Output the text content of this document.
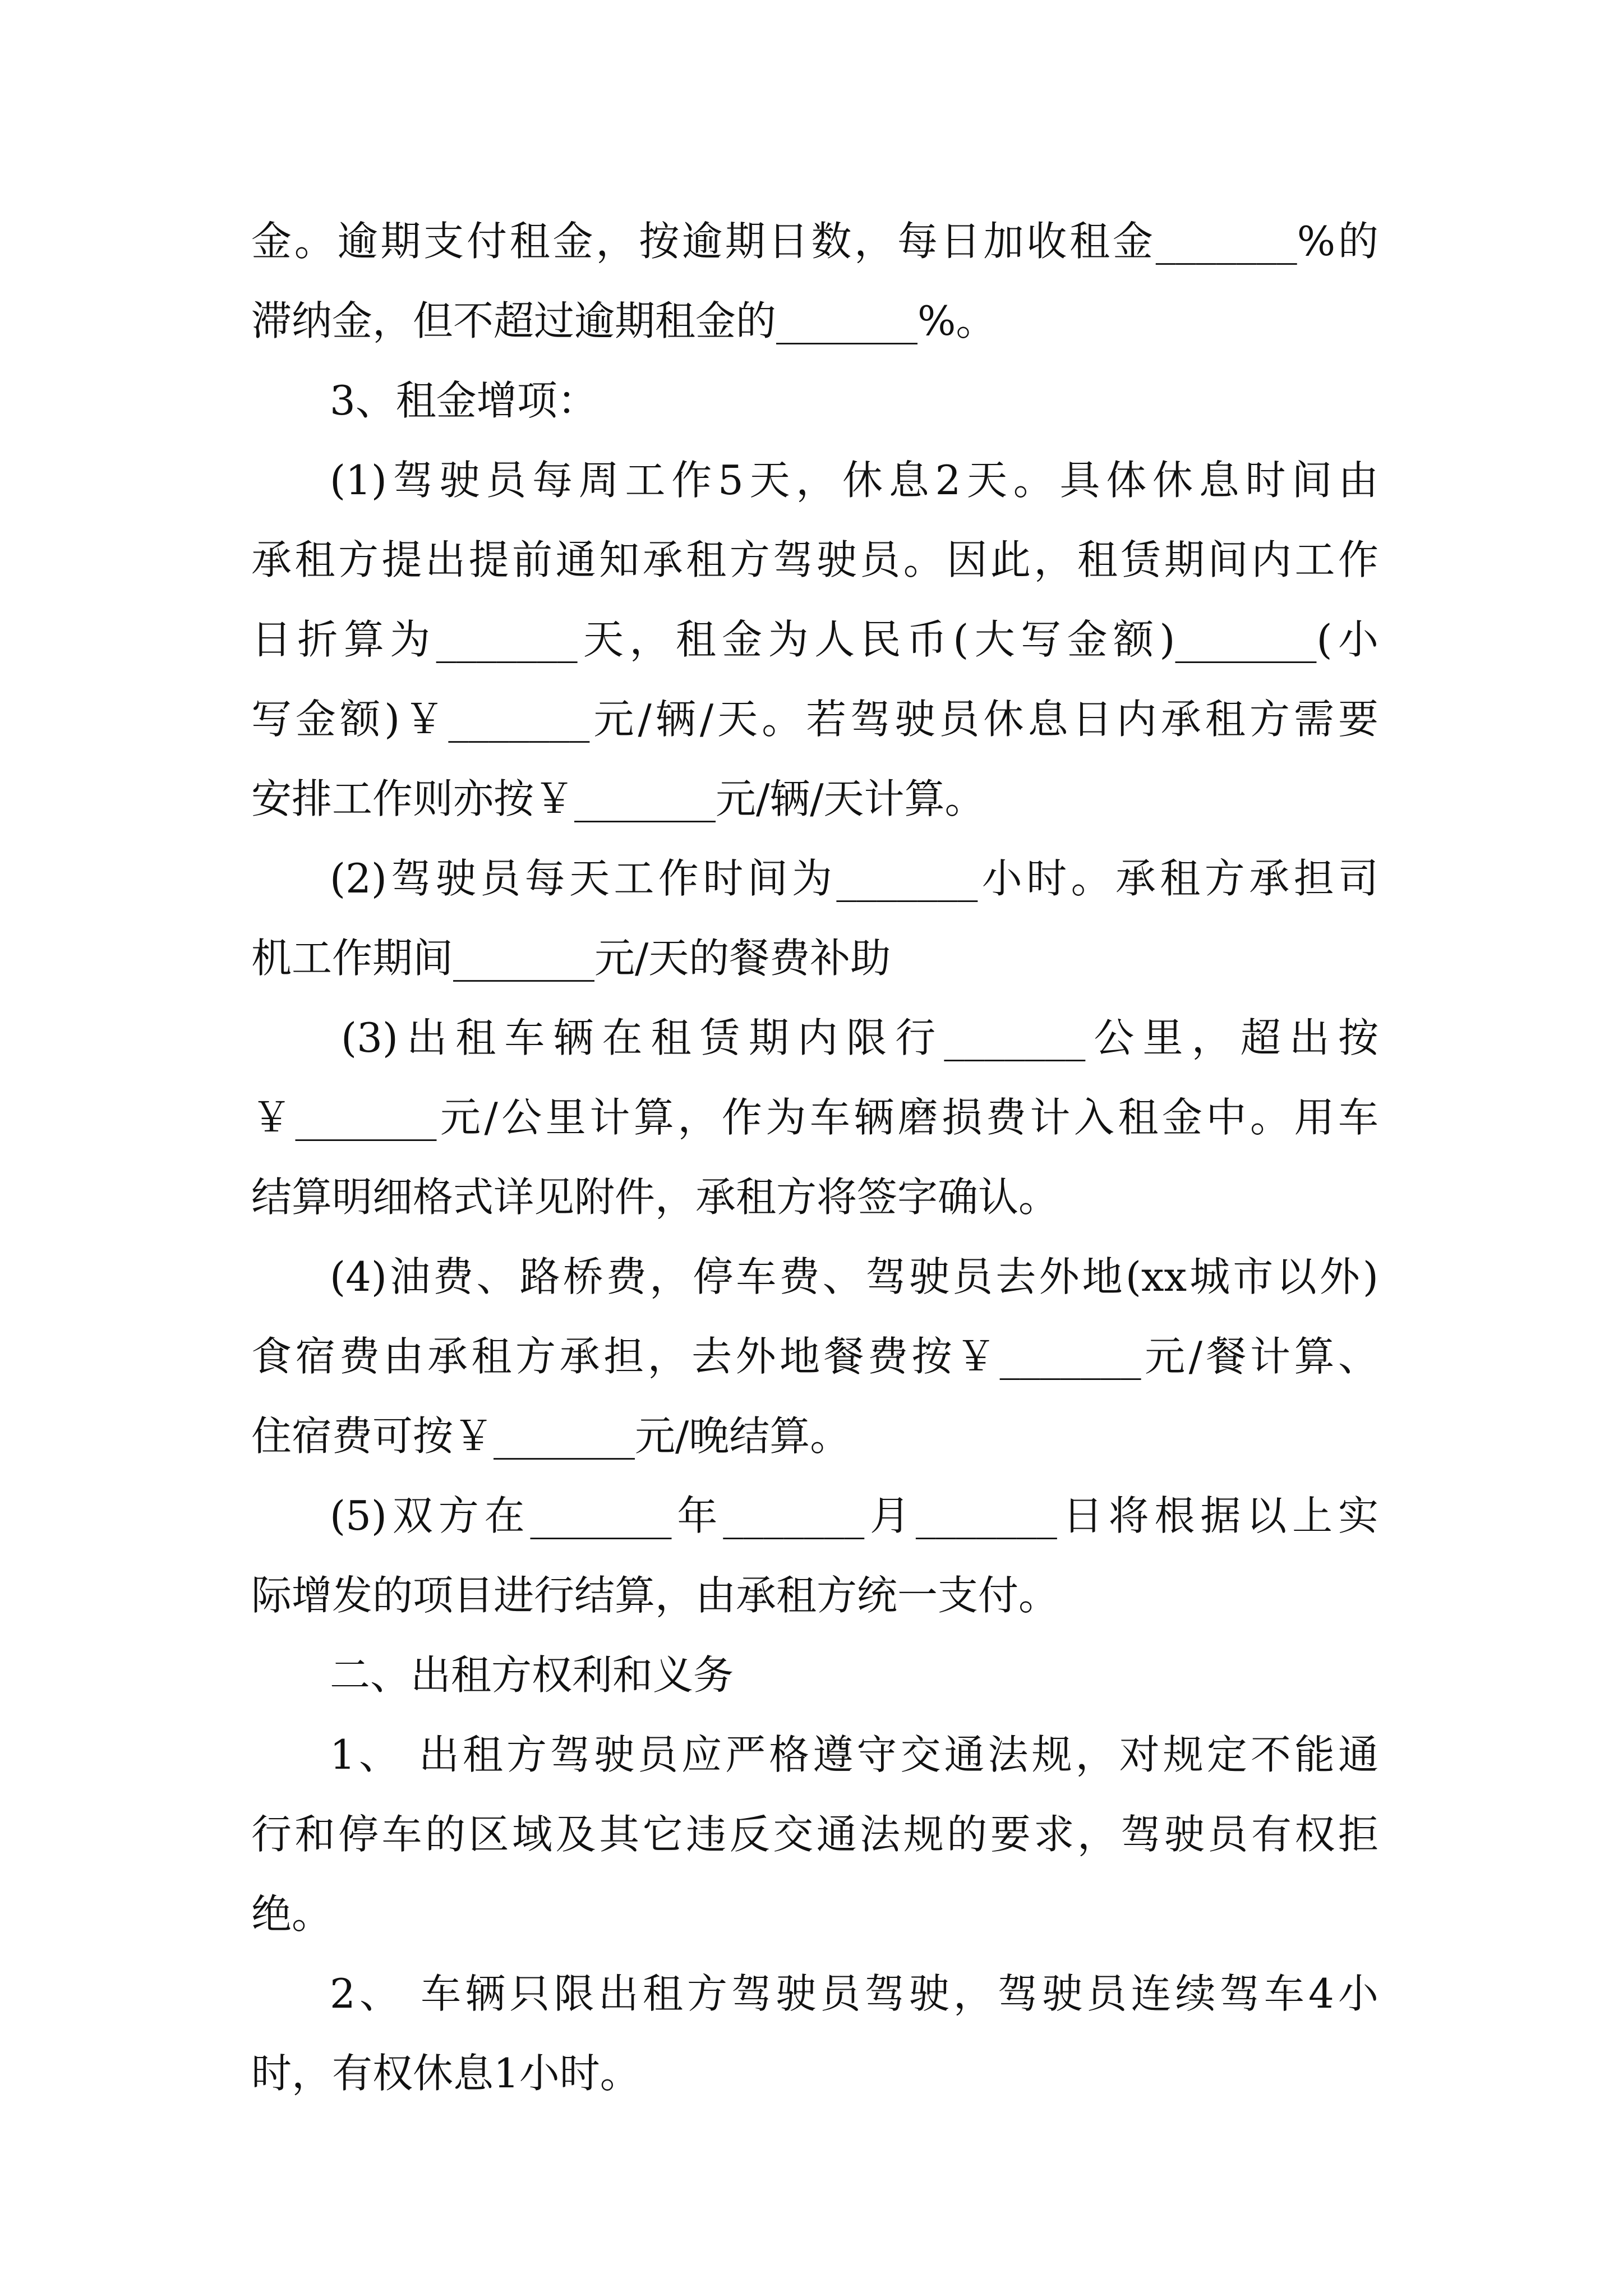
金。逾期支付租金，按逾期日数，每日加收租金_______%的
滞纳金，但不超过逾期租金的_______%。
3、租金增项：
(1)驾驶员每周工作5天，休息2天。具体休息时间由
承租方提出提前通知承租方驾驶员。因此，租赁期间内工作
日折算为_______天，租金为人民币(大写金额)_______(小
写金额)￥_______元/辆/天。若驾驶员休息日内承租方需要
安排工作则亦按￥_______元/辆/天计算。
(2)驾驶员每天工作时间为_______小时。承租方承担司
机工作期间_______元/天的餐费补助
(3)出租车辆在租赁期内限行_______公里，超出按
￥_______元/公里计算，作为车辆磨损费计入租金中。用车
结算明细格式详见附件，承租方将签字确认。
(4)油费、路桥费，停车费、驾驶员去外地(xx城市以外)
食宿费由承租方承担，去外地餐费按￥_______元/餐计算、
住宿费可按￥_______元/晚结算。
(5)双方在_______年_______月_______日将根据以上实
际增发的项目进行结算，由承租方统一支付。
二、出租方权利和义务
1、 出租方驾驶员应严格遵守交通法规，对规定不能通
行和停车的区域及其它违反交通法规的要求，驾驶员有权拒
绝。
2、 车辆只限出租方驾驶员驾驶，驾驶员连续驾车4小
时，有权休息1小时。
